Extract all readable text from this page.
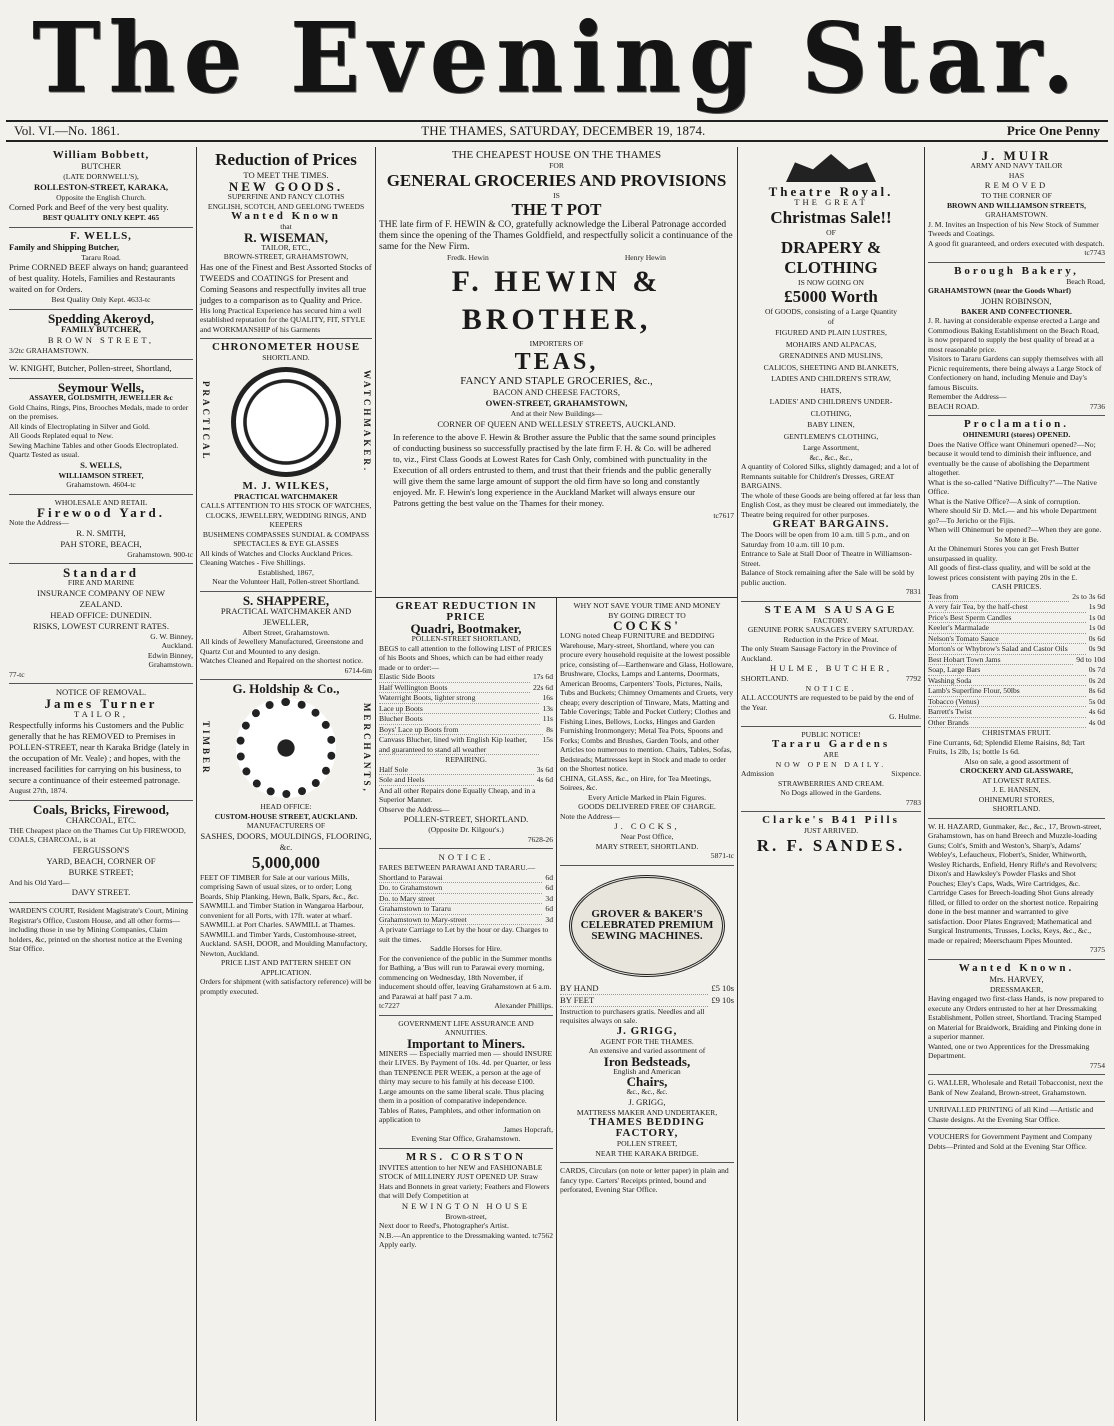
The Evening Star.
Vol. VI.—No. 1861.	THE THAMES, SATURDAY, DECEMBER 19, 1874.	Price One Penny

William Bobbett,

BUTCHER

(LATE DORNWELL'S),

ROLLESTON-STREET, KARAKA,

Opposite the English Church.

Corned Pork and Beef of the very best quality.

BEST QUALITY ONLY KEPT. 465

F. WELLS,

Family and Shipping Butcher,

Tararu Road.

Prime CORNED BEEF always on hand; guaranteed of best quality. Hotels, Families and Restaurants waited on for Orders.

Best Quality Only Kept. 4633-tc

Spedding Akeroyd,

FAMILY BUTCHER,

BROWN STREET,

3/2tc GRAHAMSTOWN.

W. KNIGHT, Butcher, Pollen-street, Shortland,

Seymour Wells,

ASSAYER, GOLDSMITH, JEWELLER &c

Gold Chains, Rings, Pins, Brooches Medals, made to order on the premises.

All kinds of Electroplating in Silver and Gold.

All Goods Replated equal to New.

Sewing Machine Tables and other Goods Electroplated.

Quartz Tested as usual.

S. WELLS,

WILLIAMSON STREET,

Grahamstown. 4604-tc

WHOLESALE AND RETAIL

Firewood Yard.

Note the Address—

R. N. SMITH,

PAH STORE, BEACH,

Grahamstown. 900-tc

Standard

FIRE AND MARINE

INSURANCE COMPANY OF NEW

ZEALAND.

HEAD OFFICE: DUNEDIN.

RISKS, LOWEST CURRENT RATES.

G. W. Binney,

Auckland.

Edwin Binney,

Grahamstown.

77-tc

NOTICE OF REMOVAL.

James Turner

TAILOR,

Respectfully informs his Customers and the Public generally that he has REMOVED to Premises in POLLEN-STREET, near th Karaka Bridge (lately in the occupation of Mr. Veale) ; and hopes, with the increased facilities for carrying on his business, to secure a continuance of their esteemed patronage.

August 27th, 1874.

Coals, Bricks, Firewood,

CHARCOAL, ETC.

THE Cheapest place on the Thames Cut Up FIREWOOD, COALS, CHARCOAL, is at

FERGUSSON'S

YARD, BEACH, CORNER OF

BURKE STREET;

And his Old Yard—

DAVY STREET.

WARDEN'S COURT, Resident Magistrate's Court, Mining Registrar's Office, Custom House, and all other forms—including those in use by Mining Companies, Claim holders, &c, printed on the shortest notice at the Evening Star Office.

Reduction of Prices

TO MEET THE TIMES.

NEW GOODS.

SUPERFINE AND FANCY CLOTHS

ENGLISH, SCOTCH, AND GEELONG TWEEDS

Wanted Known

that

R. WISEMAN,

TAILOR, ETC.,

BROWN-STREET, GRAHAMSTOWN,

Has one of the Finest and Best Assorted Stocks of TWEEDS and COATINGS for Present and Coming Seasons and respectfully invites all true judges to a comparison as to Quality and Price.

His long Practical Experience has secured him a well established reputation for the QUALITY, FIT, STYLE and WORKMANSHIP of his Garments

CHRONOMETER HOUSE

SHORTLAND.

PRACTICAL	WATCHMAKER.

M. J. WILKES,

PRACTICAL WATCHMAKER

CALLS ATTENTION TO HIS STOCK OF WATCHES, CLOCKS, JEWELLERY, WEDDING RINGS, AND KEEPERS

BUSHMENS COMPASSES SUNDIAL & COMPASS SPECTACLES & EYE GLASSES

All kinds of Watches and Clocks Auckland Prices.

Cleaning Watches - Five Shillings.

Established, 1867,

Near the Volunteer Hall, Pollen-street Shortland.

S. SHAPPERE,

PRACTICAL WATCHMAKER AND

JEWELLER,

Albert Street, Grahamstown.

All kinds of Jewellery Manufactured, Greenstone and Quartz Cut and Mounted to any design.

Watches Cleaned and Repaired on the shortest notice.

6714-6m

G. Holdship & Co.,

TIMBER	MERCHANTS,

HEAD OFFICE:

CUSTOM-HOUSE STREET, AUCKLAND.

MANUFACTURERS OF

SASHES, DOORS, MOULDINGS, FLOORING, &c.

5,000,000

FEET OF TIMBER for Sale at our various Mills, comprising Sawn of usual sizes, or to order; Long Boards, Ship Planking, Hewn, Balk, Spars, &c., &c.

SAWMILL and Timber Station in Wangaroa Harbour, convenient for all Ports, with 17ft. water at wharf.

SAWMILL at Port Charles. SAWMILL at Thames. SAWMILL and Timber Yards, Customhouse-street, Auckland. SASH, DOOR, and Moulding Manufactory, Newton, Auckland.

PRICE LIST AND PATTERN SHEET ON APPLICATION.

Orders for shipment (with satisfactory reference) will be promptly executed.

THE CHEAPEST HOUSE ON THE THAMES

FOR

GENERAL GROCERIES AND PROVISIONS

IS

THE T POT

THE late firm of F. HEWIN & CO, gratefully acknowledge the Liberal Patronage accorded them since the opening of the Thames Goldfield, and respectfully solicit a continuance of the same for the New Firm.

Fredk. Hewin	Henry Hewin

F. HEWIN & BROTHER,

IMPORTERS OF

TEAS,

FANCY AND STAPLE GROCERIES, &c.,

BACON AND CHEESE FACTORS,

OWEN-STREET, GRAHAMSTOWN,

And at their New Buildings—

CORNER OF QUEEN AND WELLESLY STREETS, AUCKLAND.

In reference to the above F. Hewin & Brother assure the Public that the same sound principles of conducting business so successfully practised by the late firm F. H. & Co. will be adhered to, viz., First Class Goods at Lowest Rates for Cash Only, combined with punctuality in the Execution of all orders entrusted to them, and trust that their friends and the public generally will give them the same large amount of support the old firm have so long and constantly enjoyed. Mr. F. Hewin's long experience in the Auckland Market will always ensure our Patrons getting the best value on the Thames for their money.

tc7617

GREAT REDUCTION IN PRICE

Quadri, Bootmaker,

POLLEN-STREET SHORTLAND,

BEGS to call attention to the following LIST of PRICES of his Boots and Shoes, which can be had either ready made or to order:—

Elastic Side Boots	17s 6d
Half Wellington Boots	22s 6d
Waterright Boots, lighter strong	16s
Lace up Boots	13s
Blucher Boots	11s
Boys' Lace up Boots from	8s
Canvass Blucher, lined with English Kip leather, and guaranteed to stand all weather
15s

REPAIRING.

Half Sole	3s 6d
Sole and Heels	4s 6d

And all other Repairs done Equally Cheap, and in a Superior Manner.

Observe the Address—

POLLEN-STREET, SHORTLAND.

(Opposite Dr. Kilgour's.)

7628-26

NOTICE.

FARES BETWEEN PARAWAI AND TARARU.—

Shortland to Parawai	6d
Do. to Grahamstown	6d
Do. to Mary street	3d
Grahamstown to Tararu	6d
Grahamstown to Mary-street	3d

A private Carriage to Let by the hour or day. Charges to suit the times.

Saddle Horses for Hire.

For the convenience of the public in the Summer months for Bathing, a 'Bus will run to Parawai every morning, commencing on Wednesday, 18th November, if inducement should offer, leaving Grahamstown at 6 a.m. and Parawai at half past 7 a.m.

tc7227	Alexander Phillips.

GOVERNMENT LIFE ASSURANCE AND ANNUITIES.

Important to Miners.

MINERS — Especially married men — should INSURE their LIVES. By Payment of 10s. 4d. per Quarter, or less than TENPENCE PER WEEK, a person at the age of thirty may secure to his family at his decease £100. Large amounts on the same liberal scale. Thus placing them in a position of comparative independence.

Tables of Rates, Pamphlets, and other information on application to

James Hopcraft,

Evening Star Office, Grahamstown.

MRS. CORSTON

INVITES attention to her NEW and FASHIONABLE STOCK of MILLINERY JUST OPENED UP. Straw Hats and Bonnets in great variety; Feathers and Flowers that will Defy Competition at

NEWINGTON HOUSE

Brown-street,

Next door to Reed's, Photographer's Artist.

N.B.—An apprentice to the Dressmaking wanted. Apply early.
tc7562

WHY NOT SAVE YOUR TIME AND MONEY

BY GOING DIRECT TO

COCKS'

LONG noted Cheap FURNITURE and BEDDING Warehouse, Mary-street, Shortland, where you can procure every household requisite at the lowest possible price, consisting of—Earthenware and Glass, Holloware, Brushware, Clocks, Lamps and Lanterns, Doormats, American Brooms, Carpenters' Tools, Pictures, Nails, Tubs and Buckets; Chimney Ornaments and Cruets, very cheap; every description of Tinware, Mats, Matting and Table Coverings; Table and Pocket Cutlery; Clothes and Fishing Lines, Bellows, Locks, Hinges and Garden Furnishing Ironmongery; Metal Tea Pots, Spoons and Forks; Combs and Brushes, Garden Tools, and other Articles too numerous to mention. Chairs, Tables, Sofas, Bedsteads; Mattresses kept in Stock and made to order on the Shortest notice.

CHINA, GLASS, &c., on Hire, for Tea Meetings, Soirees, &c.

Every Article Marked in Plain Figures.

GOODS DELIVERED FREE OF CHARGE.

Note the Address—

J. COCKS,

Near Post Office,

MARY STREET, SHORTLAND.

5871-tc

GROVER & BAKER'S CELEBRATED PREMIUM SEWING MACHINES.
BY HAND	£5 10s
BY FEET	£9 10s

Instruction to purchasers gratis. Needles and all requisites always on sale.

J. GRIGG,

AGENT FOR THE THAMES.

An extensive and varied assortment of

Iron Bedsteads,

English and American

Chairs,

&c., &c., &c.

J. GRIGG,

MATTRESS MAKER AND UNDERTAKER,

THAMES BEDDING FACTORY,

POLLEN STREET,

NEAR THE KARAKA BRIDGE.

CARDS, Circulars (on note or letter paper) in plain and fancy type. Carters' Receipts printed, bound and perforated, Evening Star Office.

Theatre Royal.

THE GREAT

Christmas Sale!!

OF

DRAPERY & CLOTHING

IS NOW GOING ON

£5000 Worth

Of GOODS, consisting of a Large Quantity

of

FIGURED AND PLAIN LUSTRES,

MOHAIRS AND ALPACAS,

GRENADINES AND MUSLINS,

CALICOS, SHEETING AND BLANKETS,

LADIES AND CHILDREN'S STRAW,

HATS,

LADIES' AND CHILDREN'S UNDER-

CLOTHING,

BABY LINEN,

GENTLEMEN'S CLOTHING,

Large Assortment,

&c., &c., &c.,

A quantity of Colored Silks, slightly damaged; and a lot of Remnants suitable for Children's Dresses, GREAT BARGAINS.

The whole of these Goods are being offered at far less than English Cost, as they must be cleared out immediately, the Theatre being required for other purposes.

GREAT BARGAINS.

The Doors will be open from 10 a.m. till 5 p.m., and on Saturday from 10 a.m. till 10 p.m.

Entrance to Sale at Stall Door of Theatre in Williamson-Street.

Balance of Stock remaining after the Sale will be sold by public auction.

7831

STEAM SAUSAGE

FACTORY.

GENUINE PORK SAUSAGES EVERY SATURDAY.

Reduction in the Price of Meat.

The only Steam Sausage Factory in the Province of Auckland.

HULME, BUTCHER,

SHORTLAND.	7792

NOTICE.

ALL ACCOUNTS are requested to be paid by the end of the Year.

G. Hulme.

PUBLIC NOTICE!

Tararu Gardens

ARE

NOW OPEN DAILY.

Admission	Sixpence.

STRAWBERRIES AND CREAM.

No Dogs allowed in the Gardens.

7783

Clarke's B41 Pills

JUST ARRIVED.

R. F. SANDES.

J. MUIR

ARMY AND NAVY TAILOR

HAS

REMOVED

TO THE CORNER OF

BROWN AND WILLIAMSON STREETS,

GRAHAMSTOWN.

J. M. Invites an Inspection of his New Stock of Summer Tweeds and Coatings.

A good fit guaranteed, and orders executed with despatch.

tc7743

Borough Bakery,

Beach Road,

GRAHAMSTOWN (near the Goods Wharf)

JOHN ROBINSON,

BAKER AND CONFECTIONER.

J. R. having at considerable expense erected a Large and Commodious Baking Establishment on the Beach Road, is now prepared to supply the best quality of bread at a most reasonable price.

Visitors to Tararu Gardens can supply themselves with all Picnic requirements, there being always a Large Stock of Confectionery on hand, including Menuie and Day's famous Biscuits.

Remember the Address—

BEACH ROAD.	7736

Proclamation.

OHINEMURI (stores) OPENED.

Does the Native Office want Ohinemuri opened?—No; because it would tend to diminish their influence, and eventually be the cause of abolishing the Department altogether.

What is the so-called "Native Difficulty?"—The Native Office.

What is the Native Office?—A sink of corruption.

Where should Sir D. McL— and his whole Department go?—To Jericho or the Fijis.

When will Ohinemuri be opened?—When they are gone.

So Mote it Be.

At the Ohinemuri Stores you can get Fresh Butter unsurpassed in quality.

All goods of first-class quality, and will be sold at the lowest prices consistent with paying 20s in the £.

CASH PRICES.

Teas from	2s to 3s 6d
A very fair Tea, by the half-chest	1s 9d
Price's Best Sperm Candles	1s 0d
Keeler's Marmalade	1s 0d
Nelson's Tomato Sauce	0s 6d
Morton's or Whybrow's Salad and Castor Oils	0s 9d
Best Hobart Town Jams	9d to 10d
Soap, Large Bars	0s 7d
Washing Soda	0s 2d
Lamb's Superfine Flour, 50lbs	8s 6d
Tobacco (Venus)	5s 0d
Barrett's Twist	4s 6d
Other Brands	4s 0d

CHRISTMAS FRUIT.

Fine Currants, 6d; Splendid Eleme Raisins, 8d; Tart Fruits, 1s 2lb, 1s; bottle 1s 6d.

Also on sale, a good assortment of

CROCKERY AND GLASSWARE,

AT LOWEST RATES.

J. E. HANSEN,

OHINEMURI STORES,

SHORTLAND.

W. H. HAZARD, Gunmaker, &c., &c., 17, Brown-street, Grahamstown, has on hand Breech and Muzzle-loading Guns; Colt's, Smith and Weston's, Sharp's, Adams' Webley's, Lefaucheux, Flobert's, Snider, Whitworth, Wesley Richards, Enfield, Henry Rifle's and Revolvers; Dixon's and Hawksley's Powder Flasks and Shot Pouches; Eley's Caps, Wads, Wire Cartridges, &c. Cartridge Cases for Breech-loading Shot Guns already filled, or filled to order on the shortest notice. Repairing done in the best manner and warranted to give satisfaction. Door Plates Engraved; Mathematical and Surgical Instruments, Trusses, Locks, Keys, &c., &c., made or repaired; Meerschaum Pipes Mounted.

7375

Wanted Known.

Mrs. HARVEY,

DRESSMAKER,

Having engaged two first-class Hands, is now prepared to execute any Orders entrusted to her at her Dressmaking Establishment, Pollen street, Shortland. Tracing Stamped on Material for Braidwork, Braiding and Pinking done in a superior manner.

Wanted, one or two Apprentices for the Dressmaking Department.

7754

G. WALLER, Wholesale and Retail Tobacconist, next the Bank of New Zealand, Brown-street, Grahamstown.

UNRIVALLED PRINTING of all Kind —Artistic and Chaste designs. At the Evening Star Office.

VOUCHERS for Government Payment and Company Debts—Printed and Sold at the Evening Star Office.
